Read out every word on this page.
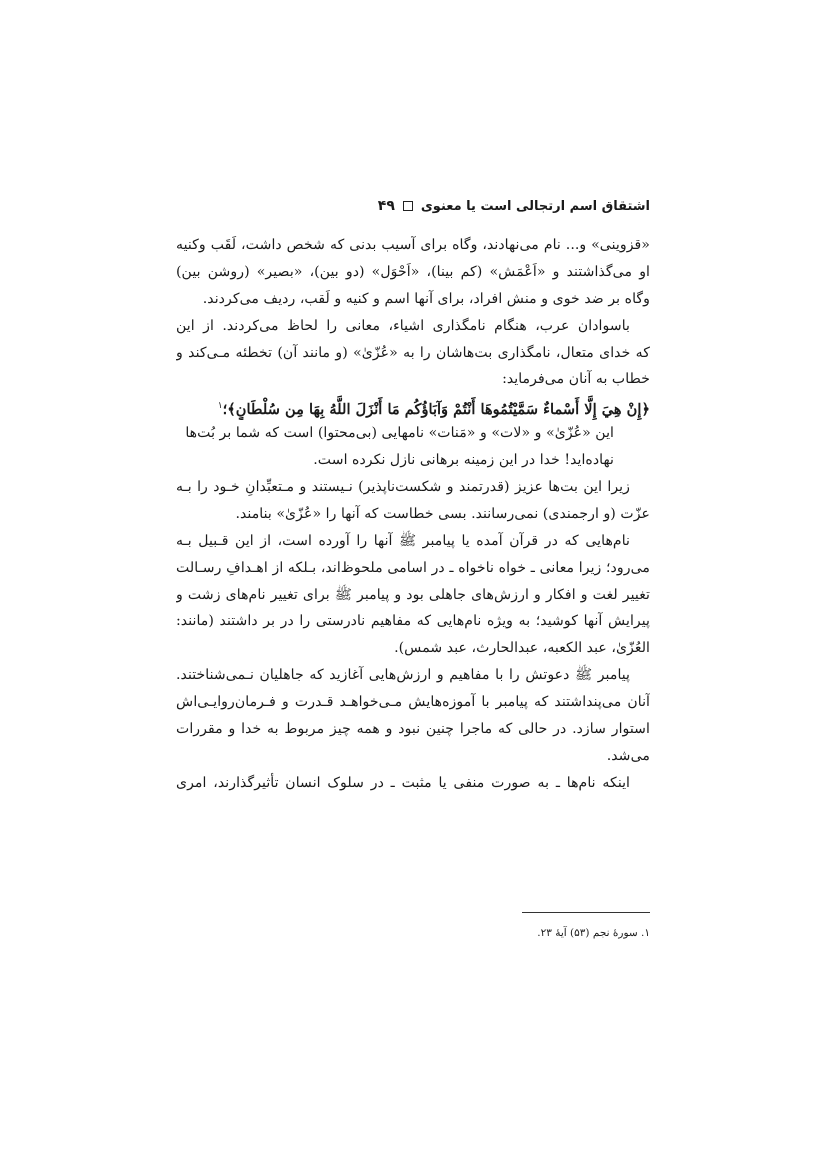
اشتقاق اسم ارتجالی است یا معنوی
۴۹
«قزوینی» و... نام می‌نهادند، وگاه برای آسیب بدنی که شخص داشت، لَقَب وکنیه
او می‌گذاشتند و «اَعْمَش» (کم بینا)، «اَحْوَل» (دو بین)، «بصیر» (روشن بین)
وگاه بر ضد خوی و منش افراد، برای آنها اسم و کنیه و لَقب، ردیف می‌کردند.
باسوادان عرب، هنگام نامگذاری اشیاء، معانی را لحاظ می‌کردند. از این
که خدای متعال، نامگذاری بت‌هاشان را به «عُزّیٰ» (و مانند آن) تخطئه مـی‌کند و
خطاب به آنان می‌فرماید:
﴿إِنْ هِيَ إِلَّا أَسْماءٌ سَمَّيْتُمُوهَا أَنْتُمْ وَآبَاؤُكُم مَا أَنْزَلَ اللَّهُ بِهَا مِن سُلْطَانٍ﴾؛$^۱$
این «عُزّیٰ» و «لات» و «مَنات» نامهایی (بی‌محتوا) است که شما بر بُت‌ها
نهاده‌اید! خدا در این زمینه برهانی نازل نکرده است.
زیرا این بت‌ها عزیز (قدرتمند و شکست‌ناپذیر) نـیستند و مـتعبِّدانِ خـود را بـه
عزّت (و ارجمندی) نمی‌رسانند. بسی خطاست که آنها را «عُزّیٰ» بنامند.
نام‌هایی که در قرآن آمده یا پیامبر ﷺ آنها را آورده است، از این قـبیل بـه
می‌رود؛ زیرا معانی ـ خواه ناخواه ـ در اسامی ملحوظ‌اند، بـلکه از اهـدافِ رسـالت
تغییر لغت و افکار و ارزش‌های جاهلی بود و پیامبر ﷺ برای تغییر نام‌های زشت و
پیرایش آنها کوشید؛ به ویژه نام‌هایی که مفاهیم نادرستی را در بر داشتند (مانند:
العُزّیٰ، عبد الکعبه، عبدالحارث، عبد شمس).
پیامبر ﷺ دعوتش را با مفاهیم و ارزش‌هایی آغازید که جاهلیان نـمی‌شناختند.
آنان می‌پنداشتند که پیامبر با آموزه‌هایش مـی‌خواهـد قـدرت و فـرمان‌روایـی‌اش
استوار سازد. در حالی که ماجرا چنین نبود و همه چیز مربوط به خدا و مقررات
می‌شد.
اینکه نام‌ها ـ به صورت منفی یا مثبت ـ در سلوک انسان تأثیرگذارند، امری
۱. سورهٔ نجم (۵۳) آیهٔ ۲۳.
